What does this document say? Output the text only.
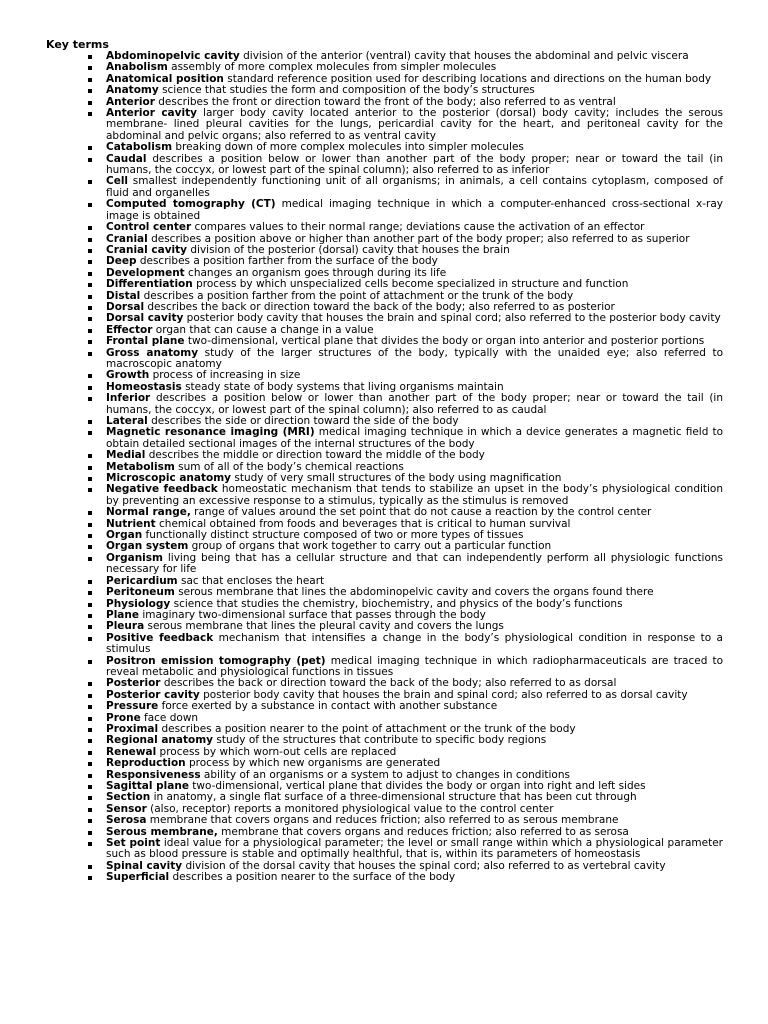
Key terms
Abdominopelvic cavity division of the anterior (ventral) cavity that houses the abdominal and pelvic viscera
Anabolism assembly of more complex molecules from simpler molecules
Anatomical position standard reference position used for describing locations and directions on the human body
Anatomy science that studies the form and composition of the body’s structures
Anterior describes the front or direction toward the front of the body; also referred to as ventral
Anterior cavity larger body cavity located anterior to the posterior (dorsal) body cavity; includes the serous membrane- lined pleural cavities for the lungs, pericardial cavity for the heart, and peritoneal cavity for the abdominal and pelvic organs; also referred to as ventral cavity
Catabolism breaking down of more complex molecules into simpler molecules
Caudal describes a position below or lower than another part of the body proper; near or toward the tail (in humans, the coccyx, or lowest part of the spinal column); also referred to as inferior
Cell smallest independently functioning unit of all organisms; in animals, a cell contains cytoplasm, composed of fluid and organelles
Computed tomography (CT) medical imaging technique in which a computer-enhanced cross-sectional x-ray image is obtained
Control center compares values to their normal range; deviations cause the activation of an effector
Cranial describes a position above or higher than another part of the body proper; also referred to as superior
Cranial cavity division of the posterior (dorsal) cavity that houses the brain
Deep describes a position farther from the surface of the body
Development changes an organism goes through during its life
Differentiation process by which unspecialized cells become specialized in structure and function
Distal describes a position farther from the point of attachment or the trunk of the body
Dorsal describes the back or direction toward the back of the body; also referred to as posterior
Dorsal cavity posterior body cavity that houses the brain and spinal cord; also referred to the posterior body cavity
Effector organ that can cause a change in a value
Frontal plane two-dimensional, vertical plane that divides the body or organ into anterior and posterior portions
Gross anatomy study of the larger structures of the body, typically with the unaided eye; also referred to macroscopic anatomy
Growth process of increasing in size
Homeostasis steady state of body systems that living organisms maintain
Inferior describes a position below or lower than another part of the body proper; near or toward the tail (in humans, the coccyx, or lowest part of the spinal column); also referred to as caudal
Lateral describes the side or direction toward the side of the body
Magnetic resonance imaging (MRI) medical imaging technique in which a device generates a magnetic field to obtain detailed sectional images of the internal structures of the body
Medial describes the middle or direction toward the middle of the body
Metabolism sum of all of the body’s chemical reactions
Microscopic anatomy study of very small structures of the body using magnification
Negative feedback homeostatic mechanism that tends to stabilize an upset in the body’s physiological condition by preventing an excessive response to a stimulus, typically as the stimulus is removed
Normal range, range of values around the set point that do not cause a reaction by the control center
Nutrient chemical obtained from foods and beverages that is critical to human survival
Organ functionally distinct structure composed of two or more types of tissues
Organ system group of organs that work together to carry out a particular function
Organism living being that has a cellular structure and that can independently perform all physiologic functions necessary for life
Pericardium sac that encloses the heart
Peritoneum serous membrane that lines the abdominopelvic cavity and covers the organs found there
Physiology science that studies the chemistry, biochemistry, and physics of the body’s functions
Plane imaginary two-dimensional surface that passes through the body
Pleura serous membrane that lines the pleural cavity and covers the lungs
Positive feedback mechanism that intensifies a change in the body’s physiological condition in response to a stimulus
Positron emission tomography (pet) medical imaging technique in which radiopharmaceuticals are traced to reveal metabolic and physiological functions in tissues
Posterior describes the back or direction toward the back of the body; also referred to as dorsal
Posterior cavity posterior body cavity that houses the brain and spinal cord; also referred to as dorsal cavity
Pressure force exerted by a substance in contact with another substance
Prone face down
Proximal describes a position nearer to the point of attachment or the trunk of the body
Regional anatomy study of the structures that contribute to specific body regions
Renewal process by which worn-out cells are replaced
Reproduction process by which new organisms are generated
Responsiveness ability of an organisms or a system to adjust to changes in conditions
Sagittal plane two-dimensional, vertical plane that divides the body or organ into right and left sides
Section in anatomy, a single flat surface of a three-dimensional structure that has been cut through
Sensor (also, receptor) reports a monitored physiological value to the control center
Serosa membrane that covers organs and reduces friction; also referred to as serous membrane
Serous membrane, membrane that covers organs and reduces friction; also referred to as serosa
Set point ideal value for a physiological parameter; the level or small range within which a physiological parameter such as blood pressure is stable and optimally healthful, that is, within its parameters of homeostasis
Spinal cavity division of the dorsal cavity that houses the spinal cord; also referred to as vertebral cavity
Superficial describes a position nearer to the surface of the body
